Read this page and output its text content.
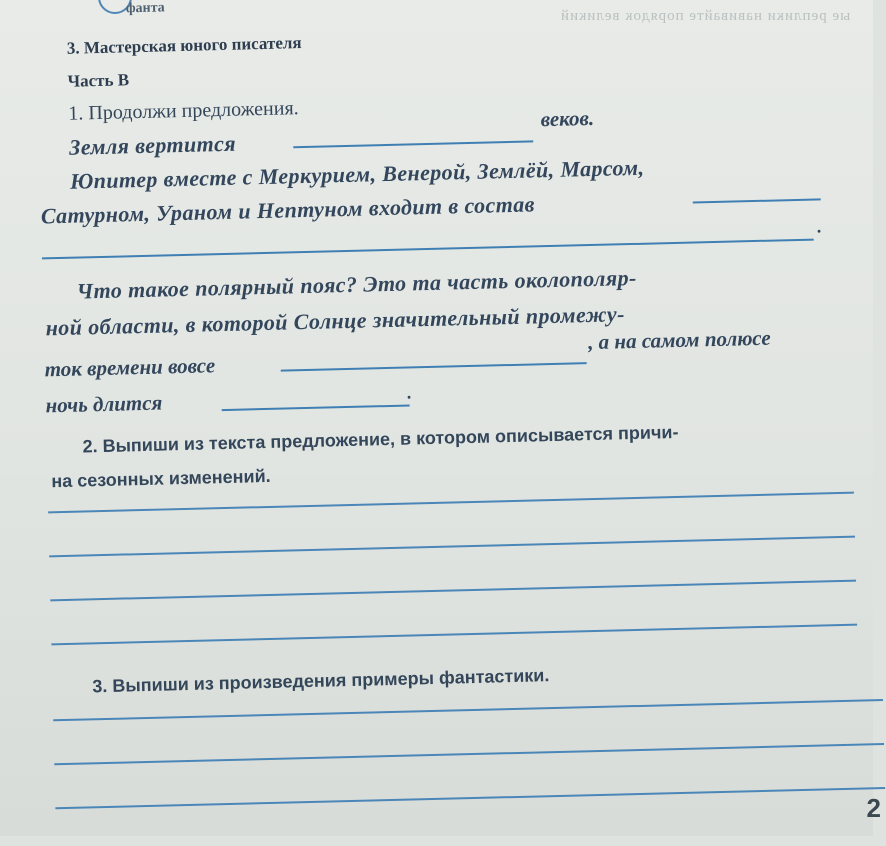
ые реплики навивайте порядок великий
фанта
3. Мастерская юного писателя
Часть В
1. Продолжи предложения.
Земля вертится
веков.
Юпитер вместе с Меркурием, Венерой, Землёй, Марсом,
Сатурном, Ураном и Нептуном входит в состав	.
Что такое полярный пояс? Это та часть околополяр-
ной области, в которой Солнце значительный промежу-
ток времени вовсе
, а на самом полюсе
ночь длится	.
2. Выпиши из текста предложение, в котором описывается причи-
на сезонных изменений.
3. Выпиши из произведения примеры фантастики.
2
